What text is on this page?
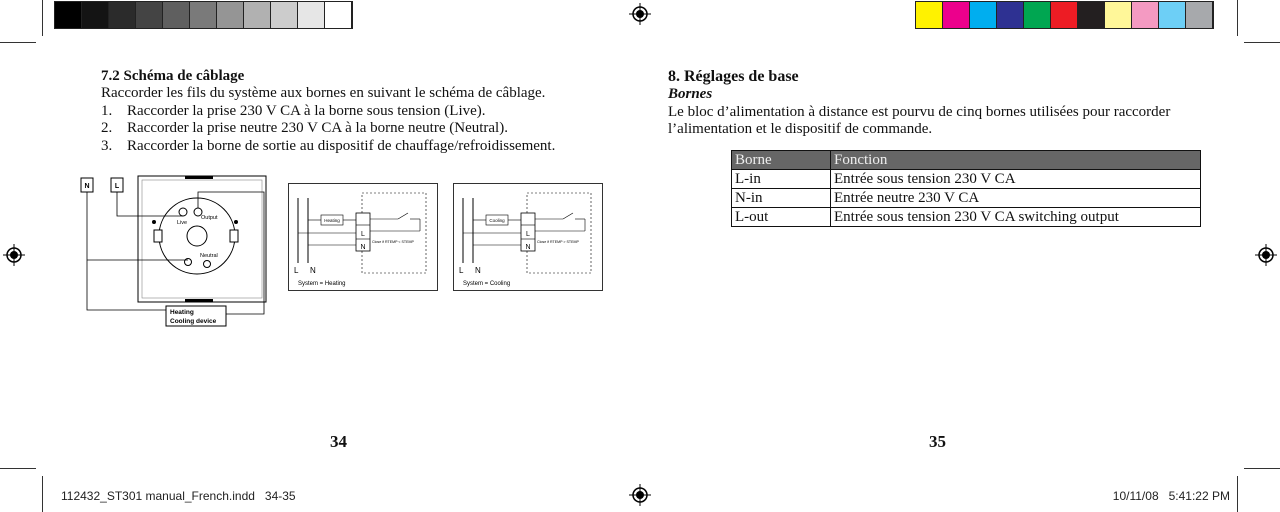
7.2 Schéma de câblage
Raccorder les fils du système aux bornes en suivant le schéma de câblage.
1. Raccorder la prise 230 V CA à la borne sous tension (Live).
2. Raccorder la prise neutre 230 V CA à la borne neutre (Neutral).
3. Raccorder la borne de sortie au dispositif de chauffage/refroidissement.
N	L
Live
Output
Neutral
Heating
Cooling device
Heating
L
N
Close if RTEMP < STEMP
L N
System = Heating
Cooling
L
N
Close if RTEMP > STEMP
L N
System = Cooling
34
8. Réglages de base
Bornes
Le bloc d’alimentation à distance est pourvu de cinq bornes utilisées pour raccorder l’alimentation et le dispositif de commande.
Borne	Fonction
L-in	Entrée sous tension 230 V CA
N-in	Entrée neutre 230 V CA
L-out	Entrée sous tension 230 V CA switching output
35
112432_ST301 manual_French.indd   34-35	10/11/08   5:41:22 PM
